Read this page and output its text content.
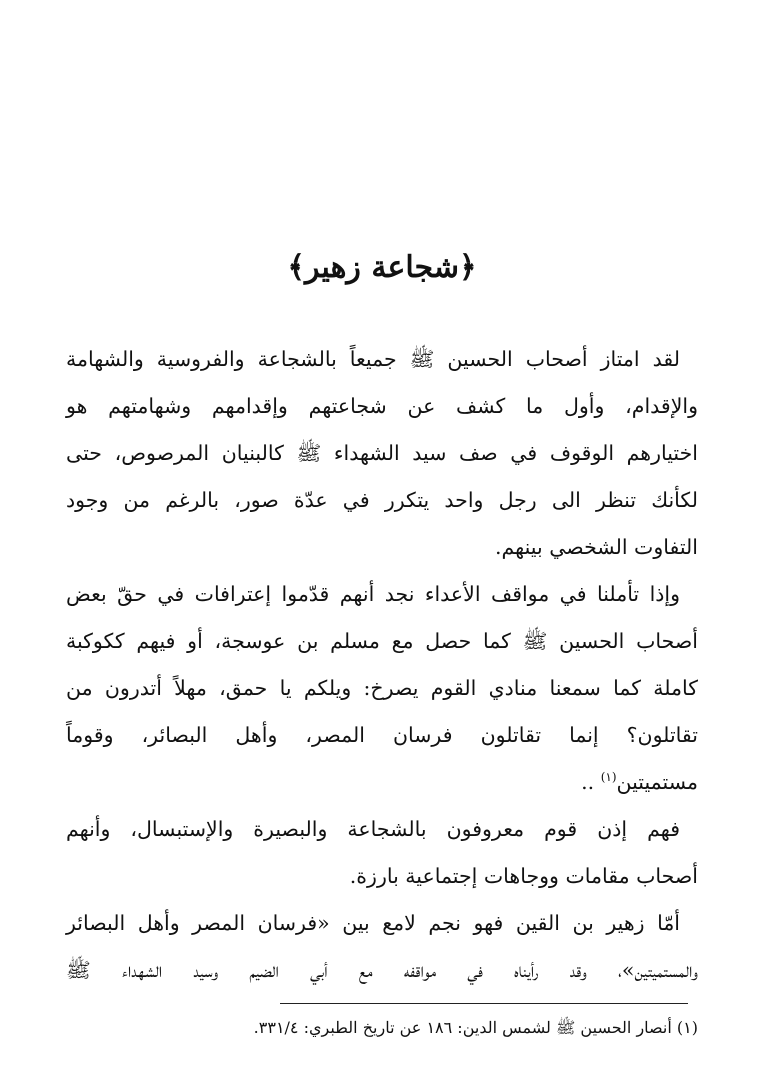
﴿شجاعة زهير﴾
لقد امتاز أصحاب الحسين ﷺ جميعاً بالشجاعة والفروسية والشهامة
والإقدام، وأول ما كشف عن شجاعتهم وإقدامهم وشهامتهم هو
اختيارهم الوقوف في صف سيد الشهداء ﷺ كالبنيان المرصوص، حتى
لكأنك تنظر الى رجل واحد يتكرر في عدّة صور، بالرغم من وجود
التفاوت الشخصي بينهم.
وإذا تأملنا في مواقف الأعداء نجد أنهم قدّموا إعترافات في حقّ بعض
أصحاب الحسين ﷺ كما حصل مع مسلم بن عوسجة، أو فيهم ككوكبة
كاملة كما سمعنا منادي القوم يصرخ: ويلكم يا حمق، مهلاً أتدرون من
تقاتلون؟ إنما تقاتلون فرسان المصر، وأهل البصائر، وقوماً
مستميتين$^{(١)}$ ..
فهم إذن قوم معروفون بالشجاعة والبصيرة والإستبسال، وأنهم
أصحاب مقامات ووجاهات إجتماعية بارزة.
أمّا زهير بن القين فهو نجم لامع بين «فرسان المصر وأهل البصائر
والمستميتين»، وقد رأيناه في مواقفه مع أبي الضيم وسيد الشهداء ﷺ
(١) أنصار الحسين ﷺ لشمس الدين: ١٨٦ عن تاريخ الطبري: ٣٣١/٤.
